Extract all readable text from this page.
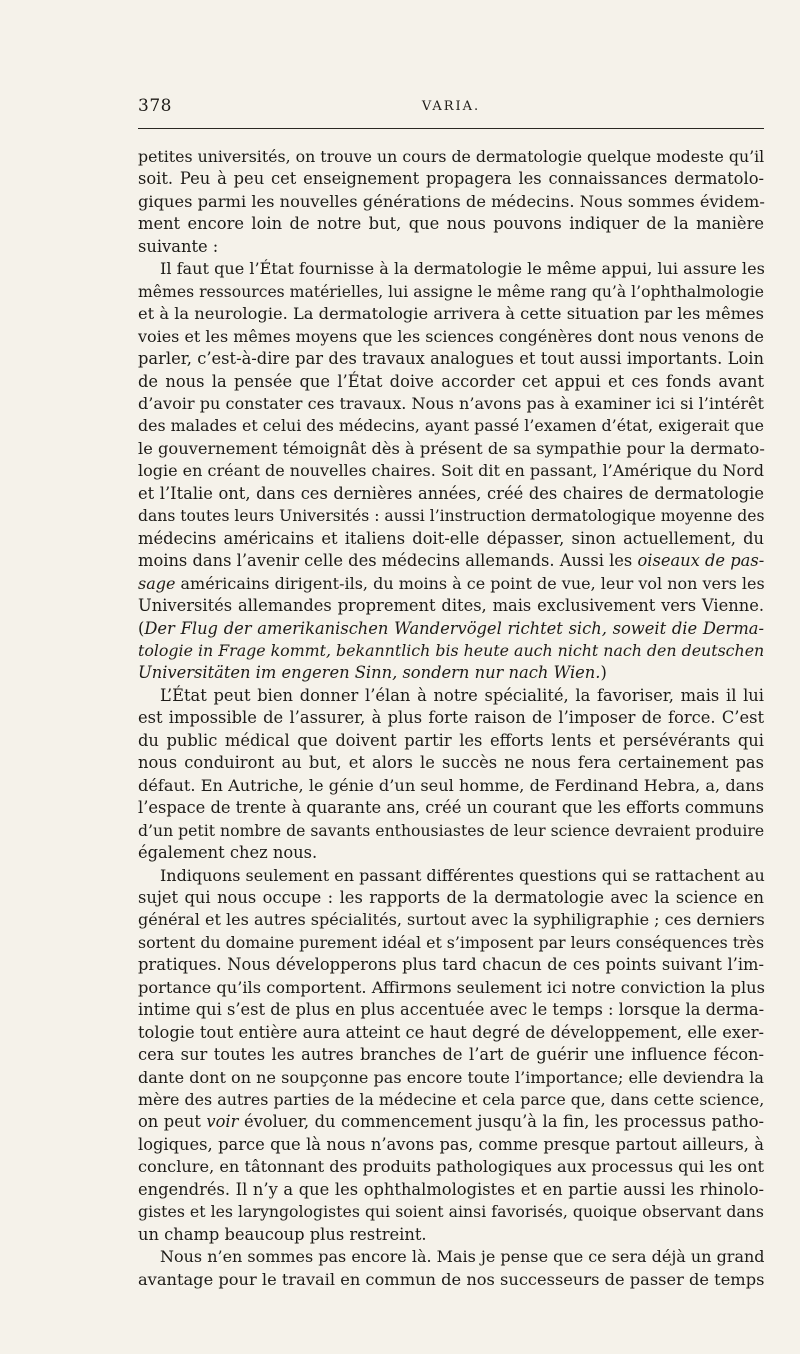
378	VARIA.

petites universités, on trouve un cours de dermatologie quelque modeste qu’il
soit. Peu à peu cet enseignement propagera les connaissances dermatolo-
giques parmi les nouvelles générations de médecins. Nous sommes évidem-
ment encore loin de notre but, que nous pouvons indiquer de la manière
suivante :

Il faut que l’État fournisse à la dermatologie le même appui, lui assure les
mêmes ressources matérielles, lui assigne le même rang qu’à l’ophthalmologie
et à la neurologie. La dermatologie arrivera à cette situation par les mêmes
voies et les mêmes moyens que les sciences congénères dont nous venons de
parler, c’est-à-dire par des travaux analogues et tout aussi importants. Loin
de nous la pensée que l’État doive accorder cet appui et ces fonds avant
d’avoir pu constater ces travaux. Nous n’avons pas à examiner ici si l’intérêt
des malades et celui des médecins, ayant passé l’examen d’état, exigerait que
le gouvernement témoignât dès à présent de sa sympathie pour la dermato-
logie en créant de nouvelles chaires. Soit dit en passant, l’Amérique du Nord
et l’Italie ont, dans ces dernières années, créé des chaires de dermatologie
dans toutes leurs Universités : aussi l’instruction dermatologique moyenne des
médecins américains et italiens doit-elle dépasser, sinon actuellement, du
moins dans l’avenir celle des médecins allemands. Aussi les oiseaux de pas-
sage américains dirigent-ils, du moins à ce point de vue, leur vol non vers les
Universités allemandes proprement dites, mais exclusivement vers Vienne.
(Der Flug der amerikanischen Wandervögel richtet sich, soweit die Derma-
tologie in Frage kommt, bekanntlich bis heute auch nicht nach den deutschen
Universitäten im engeren Sinn, sondern nur nach Wien.)

L’État peut bien donner l’élan à notre spécialité, la favoriser, mais il lui
est impossible de l’assurer, à plus forte raison de l’imposer de force. C’est
du public médical que doivent partir les efforts lents et persévérants qui
nous conduiront au but, et alors le succès ne nous fera certainement pas
défaut. En Autriche, le génie d’un seul homme, de Ferdinand Hebra, a, dans
l’espace de trente à quarante ans, créé un courant que les efforts communs
d’un petit nombre de savants enthousiastes de leur science devraient produire
également chez nous.

Indiquons seulement en passant différentes questions qui se rattachent au
sujet qui nous occupe : les rapports de la dermatologie avec la science en
général et les autres spécialités, surtout avec la syphiligraphie ; ces derniers
sortent du domaine purement idéal et s’imposent par leurs conséquences très
pratiques. Nous développerons plus tard chacun de ces points suivant l’im-
portance qu’ils comportent. Affirmons seulement ici notre conviction la plus
intime qui s’est de plus en plus accentuée avec le temps : lorsque la derma-
tologie tout entière aura atteint ce haut degré de développement, elle exer-
cera sur toutes les autres branches de l’art de guérir une influence fécon-
dante dont on ne soupçonne pas encore toute l’importance; elle deviendra la
mère des autres parties de la médecine et cela parce que, dans cette science,
on peut voir évoluer, du commencement jusqu’à la fin, les processus patho-
logiques, parce que là nous n’avons pas, comme presque partout ailleurs, à
conclure, en tâtonnant des produits pathologiques aux processus qui les ont
engendrés. Il n’y a que les ophthalmologistes et en partie aussi les rhinolo-
gistes et les laryngologistes qui soient ainsi favorisés, quoique observant dans
un champ beaucoup plus restreint.

Nous n’en sommes pas encore là. Mais je pense que ce sera déjà un grand
avantage pour le travail en commun de nos successeurs de passer de temps
